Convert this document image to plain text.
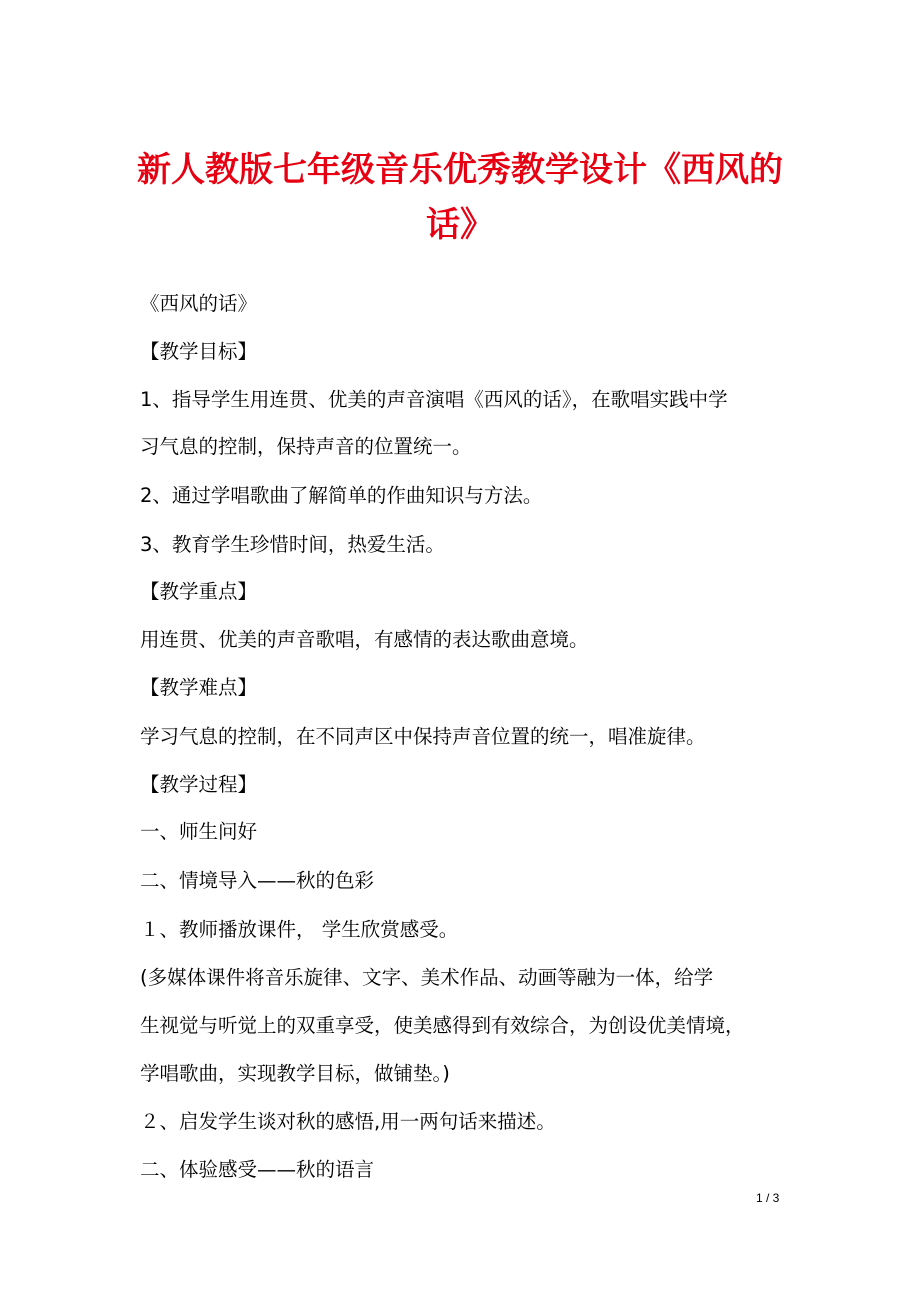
新人教版七年级音乐优秀教学设计《西风的
话》
《西风的话》
【教学目标】
1、指导学生用连贯、优美的声音演唱《西风的话》，在歌唱实践中学
习气息的控制，保持声音的位置统一。
2、通过学唱歌曲了解简单的作曲知识与方法。
3、教育学生珍惜时间，热爱生活。
【教学重点】
用连贯、优美的声音歌唱，有感情的表达歌曲意境。
【教学难点】
学习气息的控制，在不同声区中保持声音位置的统一，唱准旋律。
【教学过程】
一、师生问好
二、情境导入——秋的色彩
１、教师播放课件， 学生欣赏感受。
(多媒体课件将音乐旋律、文字、美术作品、动画等融为一体，给学
生视觉与听觉上的双重享受，使美感得到有效综合，为创设优美情境，
学唱歌曲，实现教学目标，做铺垫。)
２、启发学生谈对秋的感悟,用一两句话来描述。
二、体验感受——秋的语言
1 / 3
